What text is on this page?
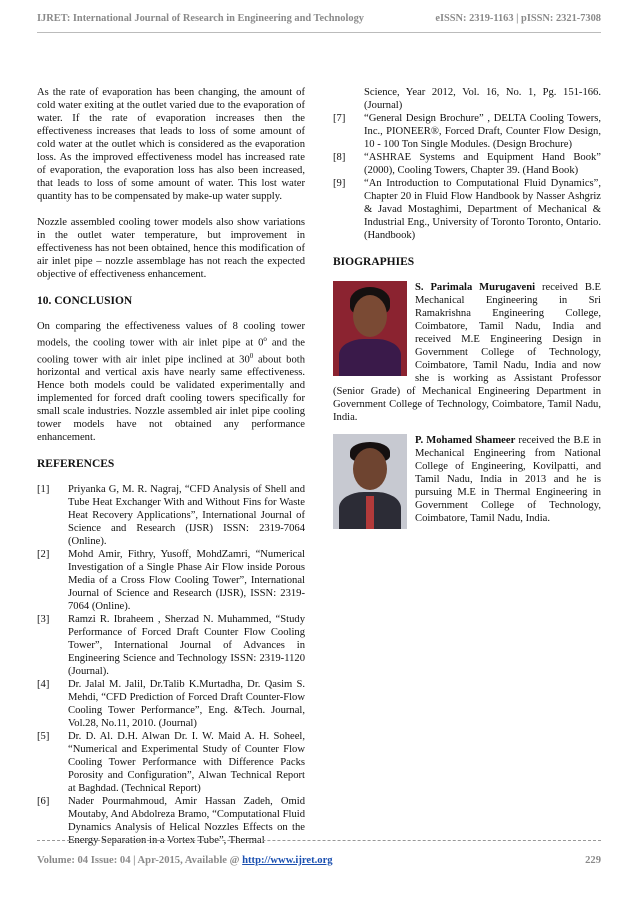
IJRET: International Journal of Research in Engineering and Technology	eISSN: 2319-1163 | pISSN: 2321-7308

As the rate of evaporation has been changing, the amount of cold water exiting at the outlet varied due to the evaporation of water. If the rate of evaporation increases then the effectiveness increases that leads to loss of some amount of cold water at the outlet which is considered as the evaporation loss. As the improved effectiveness model has increased rate of evaporation, the evaporation loss has also been increased, that leads to loss of some amount of water. This lost water quantity has to be compensated by make-up water supply.

Nozzle assembled cooling tower models also show variations in the outlet water temperature, but improvement in effectiveness has not been obtained, hence this modification of air inlet pipe – nozzle assemblage has not reach the expected objective of effectiveness enhancement.

10. CONCLUSION

On comparing the effectiveness values of 8 cooling tower models, the cooling tower with air inlet pipe at 0$^o$ and the cooling tower with air inlet pipe inclined at $30^0$ about both horizontal and vertical axis have nearly same effectiveness. Hence both models could be validated experimentally and implemented for forced draft cooling towers specifically for small scale industries. Nozzle assembled air inlet pipe cooling tower models have not obtained any performance enhancement.

REFERENCES
[1]	Priyanka G, M. R. Nagraj, “CFD Analysis of Shell and Tube Heat Exchanger With and Without Fins for Waste Heat Recovery Applications”, International Journal of Science and Research (IJSR) ISSN: 2319-7064 (Online).
[2]	Mohd Amir, Fithry, Yusoff, MohdZamri, “Numerical Investigation of a Single Phase Air Flow inside Porous Media of a Cross Flow Cooling Tower”, International Journal of Science and Research (IJSR), ISSN: 2319-7064 (Online).
[3]	Ramzi R. Ibraheem , Sherzad N. Muhammed, “Study Performance of Forced Draft Counter Flow Cooling Tower”, International Journal of Advances in Engineering Science and Technology ISSN: 2319-1120 (Journal).
[4]	Dr. Jalal M. Jalil, Dr.Talib K.Murtadha, Dr. Qasim S. Mehdi, “CFD Prediction of Forced Draft Counter-Flow Cooling Tower Performance”, Eng. &Tech. Journal, Vol.28, No.11, 2010. (Journal)
[5]	Dr. D. Al. D.H. Alwan Dr. I. W. Maid A. H. Soheel, “Numerical and Experimental Study of Counter Flow Cooling Tower Performance with Difference Packs Porosity and Configuration”, Alwan Technical Report at Baghdad. (Technical Report)
[6]	Nader Pourmahmoud, Amir Hassan Zadeh, Omid Moutaby, And Abdolreza Bramo, “Computational Fluid Dynamics Analysis of Helical Nozzles Effects on the Energy Separation in a Vortex Tube”, Thermal

Science, Year 2012, Vol. 16, No. 1, Pg. 151-166. (Journal)

[7]	“General Design Brochure” , DELTA Cooling Towers, Inc., PIONEER®, Forced Draft, Counter Flow Design, 10 - 100 Ton Single Modules. (Design Brochure)
[8]	“ASHRAE Systems and Equipment Hand Book” (2000), Cooling Towers, Chapter 39. (Hand Book)
[9]	“An Introduction to Computational Fluid Dynamics”, Chapter 20 in Fluid Flow Handbook by Nasser Ashgriz & Javad Mostaghimi, Department of Mechanical & Industrial Eng., University of Toronto Toronto, Ontario.(Handbook)
BIOGRAPHIES

S. Parimala Murugaveni received B.E Mechanical Engineering in Sri Ramakrishna Engineering College, Coimbatore, Tamil Nadu, India and received M.E Engineering Design in Government College of Technology, Coimbatore, Tamil Nadu, India and now she is working as Assistant Professor (Senior Grade) of Mechanical Engineering Department in Government College of Technology, Coimbatore, Tamil Nadu, India.

P. Mohamed Shameer received the B.E in Mechanical Engineering from National College of Engineering, Kovilpatti, and Tamil Nadu, India in 2013 and he is pursuing M.E in Thermal Engineering in Government College of Technology, Coimbatore, Tamil Nadu, India.

Volume: 04 Issue: 04 | Apr-2015, Available @ http://www.ijret.org	229
